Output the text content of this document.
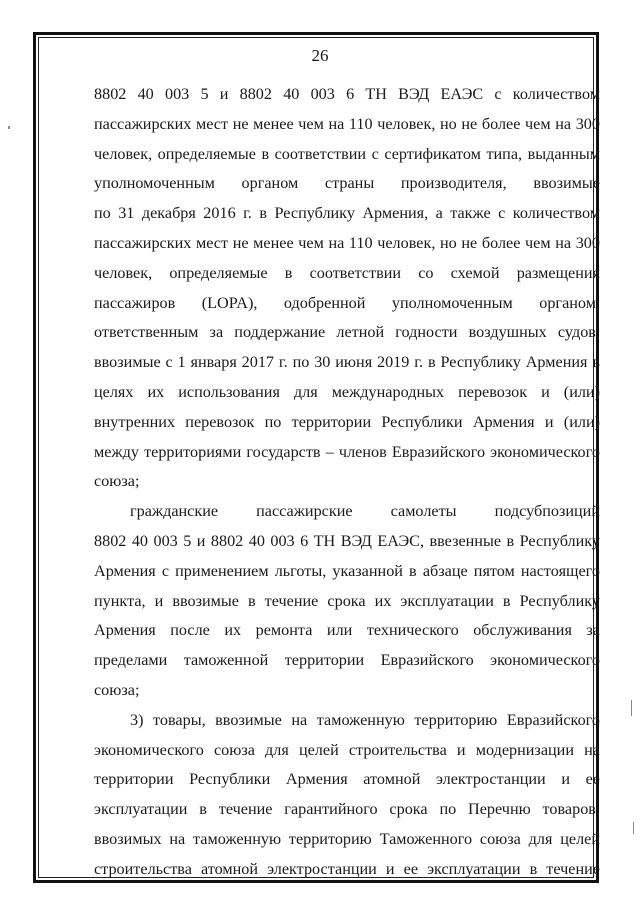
26
8802 40 003 5 и 8802 40 003 6 ТН ВЭД ЕАЭС с количеством
пассажирских мест не менее чем на 110 человек, но не более чем на 300
человек, определяемые в соответствии с сертификатом типа, выданным
уполномоченным органом страны производителя, ввозимые
по 31 декабря 2016 г. в Республику Армения, а также с количеством
пассажирских мест не менее чем на 110 человек, но не более чем на 300
человек, определяемые в соответствии со схемой размещения
пассажиров (LOPA), одобренной уполномоченным органом,
ответственным за поддержание летной годности воздушных судов,
ввозимые с 1 января 2017 г. по 30 июня 2019 г. в Республику Армения в
целях их использования для международных перевозок и (или)
внутренних перевозок по территории Республики Армения и (или)
между территориями государств – членов Евразийского экономического
союза;
гражданские пассажирские самолеты подсубпозиций
8802 40 003 5 и 8802 40 003 6 ТН ВЭД ЕАЭС, ввезенные в Республику
Армения с применением льготы, указанной в абзаце пятом настоящего
пункта, и ввозимые в течение срока их эксплуатации в Республику
Армения после их ремонта или технического обслуживания за
пределами таможенной территории Евразийского экономического
союза;
3) товары, ввозимые на таможенную территорию Евразийского
экономического союза для целей строительства и модернизации на
территории Республики Армения атомной электростанции и ее
эксплуатации в течение гарантийного срока по Перечню товаров,
ввозимых на таможенную территорию Таможенного союза для целей
строительства атомной электростанции и ее эксплуатации в течение
